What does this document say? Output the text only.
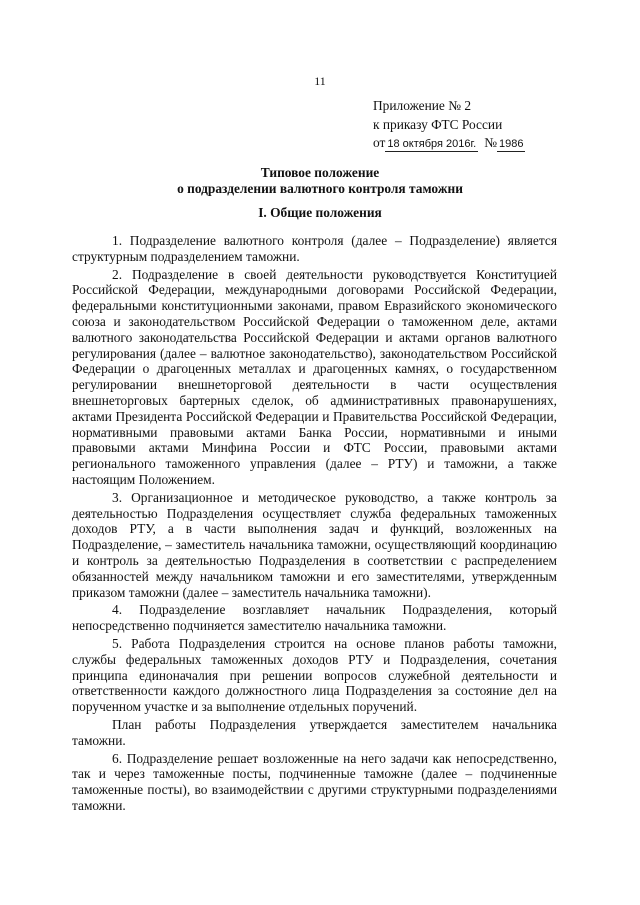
11
Приложение № 2
к приказу ФТС России
от 18 октября 2016г. № 1986
Типовое положение
о подразделении валютного контроля таможни
I. Общие положения

1. Подразделение валютного контроля (далее – Подразделение) является структурным подразделением таможни.

2. Подразделение в своей деятельности руководствуется Конституцией Российской Федерации, международными договорами Российской Федерации, федеральными конституционными законами, правом Евразийского экономического союза и законодательством Российской Федерации о таможенном деле, актами валютного законодательства Российской Федерации и актами органов валютного регулирования (далее – валютное законодательство), законодательством Российской Федерации о драгоценных металлах и драгоценных камнях, о государственном регулировании внешнеторговой деятельности в части осуществления внешнеторговых бартерных сделок, об административных правонарушениях, актами Президента Российской Федерации и Правительства Российской Федерации, нормативными правовыми актами Банка России, нормативными и иными правовыми актами Минфина России и ФТС России, правовыми актами регионального таможенного управления (далее – РТУ) и таможни, а также настоящим Положением.

3. Организационное и методическое руководство, а также контроль за деятельностью Подразделения осуществляет служба федеральных таможенных доходов РТУ, а в части выполнения задач и функций, возложенных на Подразделение, – заместитель начальника таможни, осуществляющий координацию и контроль за деятельностью Подразделения в соответствии с распределением обязанностей между начальником таможни и его заместителями, утвержденным приказом таможни (далее – заместитель начальника таможни).

4. Подразделение возглавляет начальник Подразделения, который непосредственно подчиняется заместителю начальника таможни.

5. Работа Подразделения строится на основе планов работы таможни, службы федеральных таможенных доходов РТУ и Подразделения, сочетания принципа единоначалия при решении вопросов служебной деятельности и ответственности каждого должностного лица Подразделения за состояние дел на порученном участке и за выполнение отдельных поручений.

План работы Подразделения утверждается заместителем начальника таможни.

6. Подразделение решает возложенные на него задачи как непосредственно, так и через таможенные посты, подчиненные таможне (далее – подчиненные таможенные посты), во взаимодействии с другими структурными подразделениями таможни.
